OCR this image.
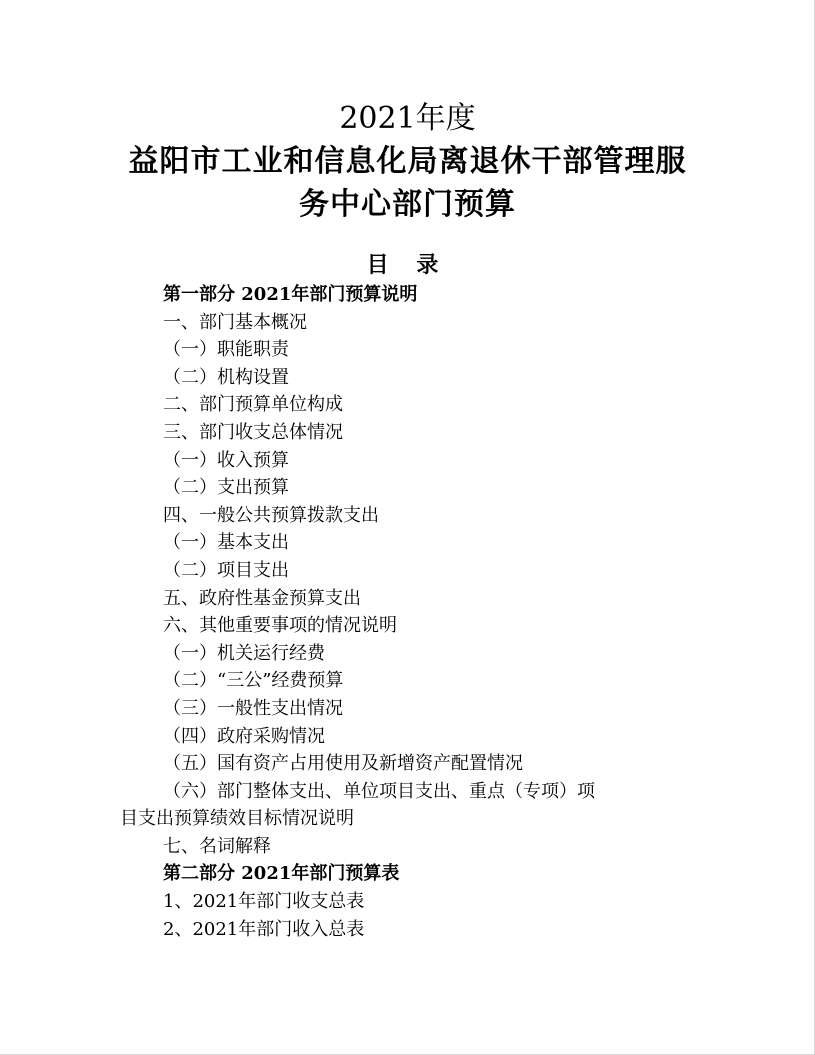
2021年度
益阳市工业和信息化局离退休干部管理服
务中心部门预算
目 录
第一部分 2021年部门预算说明
一、部门基本概况
（一）职能职责
（二）机构设置
二、部门预算单位构成
三、部门收支总体情况
（一）收入预算
（二）支出预算
四、一般公共预算拨款支出
（一）基本支出
（二）项目支出
五、政府性基金预算支出
六、其他重要事项的情况说明
（一）机关运行经费
（二）“三公”经费预算
（三）一般性支出情况
（四）政府采购情况
（五）国有资产占用使用及新增资产配置情况
（六）部门整体支出、单位项目支出、重点（专项）项
目支出预算绩效目标情况说明
七、名词解释
第二部分 2021年部门预算表
1、2021年部门收支总表
2、2021年部门收入总表
